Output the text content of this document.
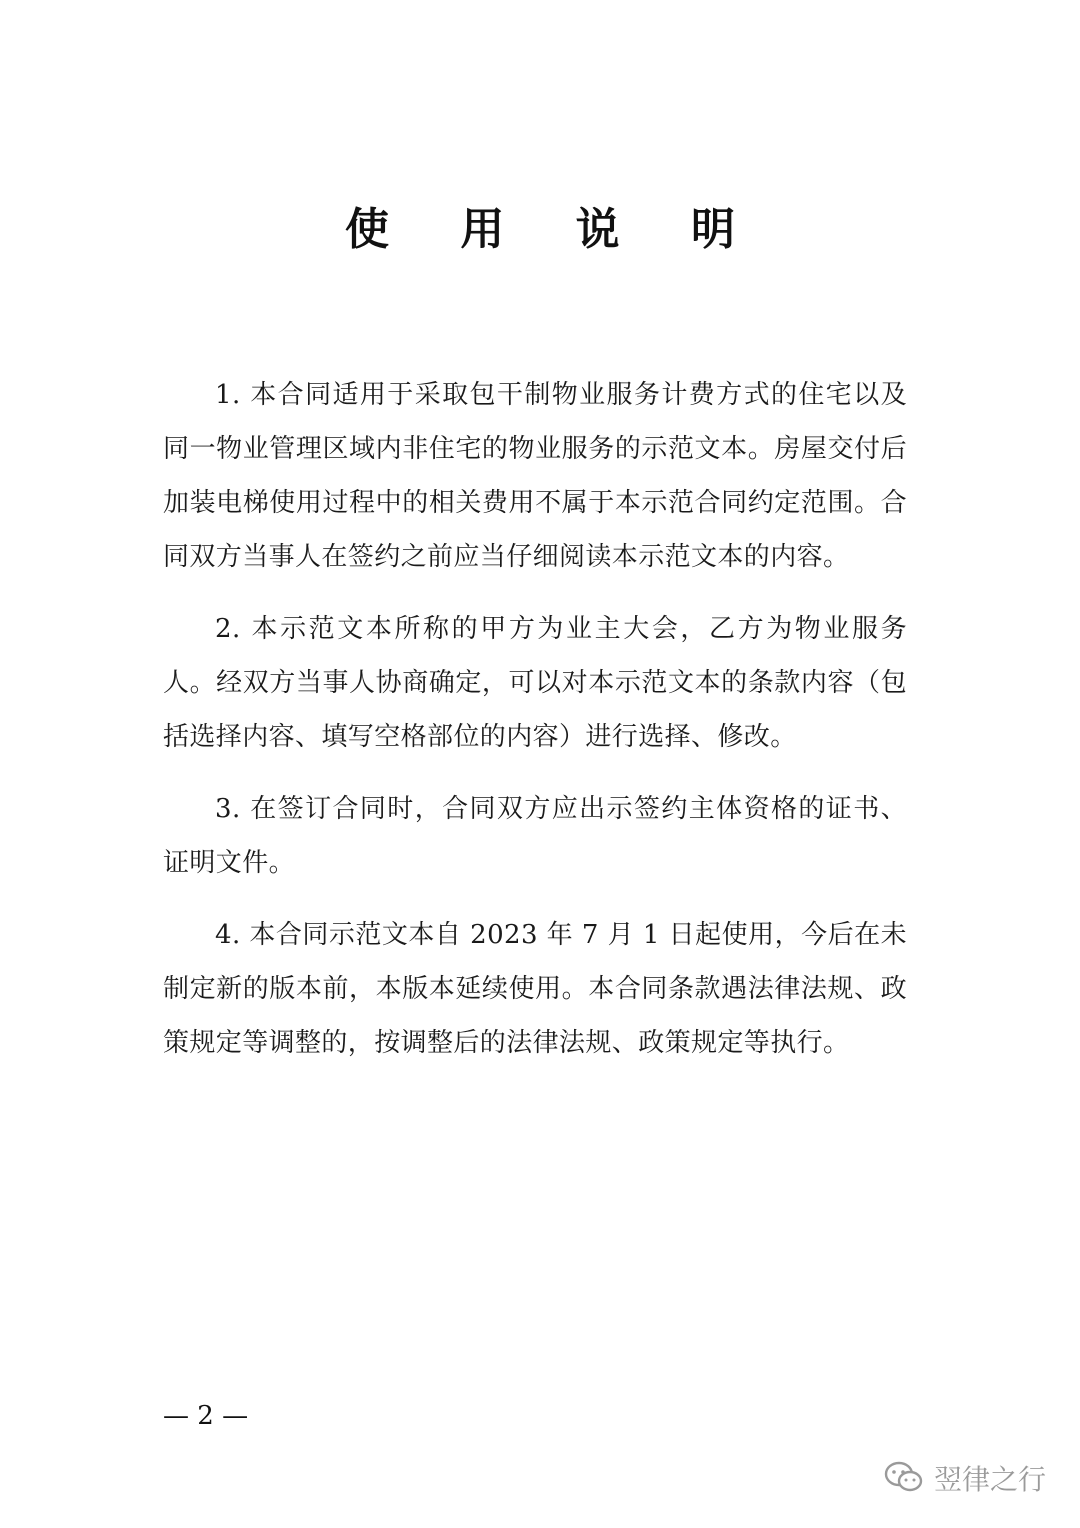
使 用 说 明

1. 本合同适用于采取包干制物业服务计费方式的住宅以及同一物业管理区域内非住宅的物业服务的示范文本。房屋交付后加装电梯使用过程中的相关费用不属于本示范合同约定范围。合同双方当事人在签约之前应当仔细阅读本示范文本的内容。

2. 本示范文本所称的甲方为业主大会，乙方为物业服务人。经双方当事人协商确定，可以对本示范文本的条款内容（包括选择内容、填写空格部位的内容）进行选择、修改。

3. 在签订合同时，合同双方应出示签约主体资格的证书、证明文件。

4. 本合同示范文本自 2023 年 7 月 1 日起使用，今后在未制定新的版本前，本版本延续使用。本合同条款遇法律法规、政策规定等调整的，按调整后的法律法规、政策规定等执行。

— 2 —
翌律之行
